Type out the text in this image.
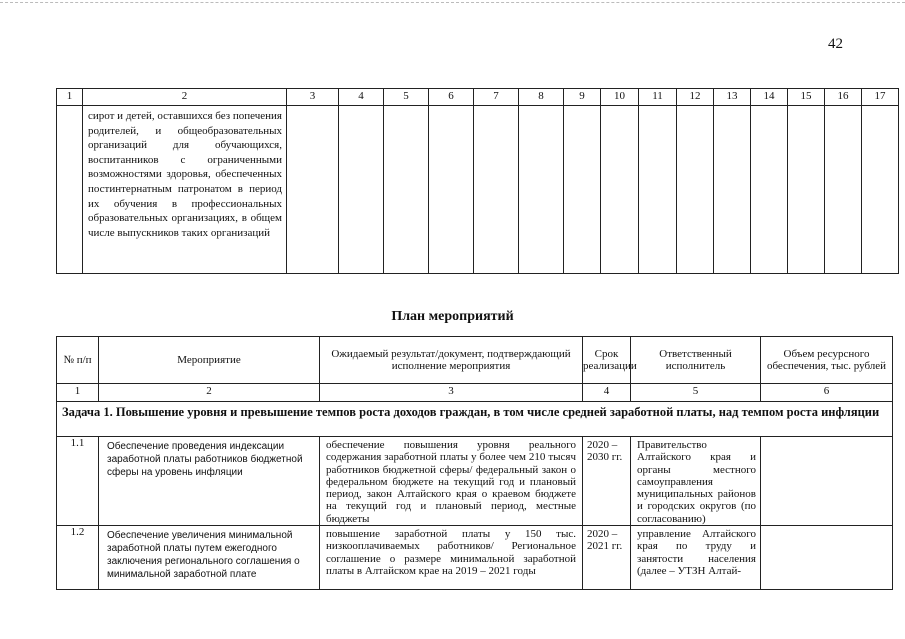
42
1	2	3	4	5	6	7	8	9	10	11	12	13	14	15	16	17
	сирот и детей, оставшихся без попечения родителей, и общеобразовательных организаций для обучающихся, воспитанников с ограниченными возможностями здоровья, обеспеченных постинтернатным патронатом в период их обучения в профессиональных образовательных организациях, в общем числе выпускников таких организаций															
План мероприятий
№ п/п	Мероприятие	Ожидаемый результат/документ, подтверждающий исполнение мероприятия	Срок реализации	Ответственный исполнитель	Объем ресурсного обеспечения, тыс. рублей
1	2	3	4	5	6
Задача 1. Повышение уровня и превышение темпов роста доходов граждан, в том числе средней заработной платы, над темпом роста инфляции					
1.1	Обеспечение проведения индексации заработной платы работников бюджетной сферы на уровень инфляции	обеспечение повышения уровня реального содержания заработной платы у более чем 210 тысяч работников бюджетной сферы/ федеральный закон о федеральном бюджете на текущий год и плановый период, закон Алтайского края о краевом бюджете на текущий год и плановый период, местные бюджеты	2020 – 2030 гг.	Правительство Алтайского края и органы местного самоуправления муниципальных районов и городских округов (по согласованию)	
1.2	Обеспечение увеличения минимальной заработной платы путем ежегодного заключения регионального соглашения о минимальной заработной плате	повышение заработной платы у 150 тыс. низкооплачиваемых работников/ Региональное соглашение о размере минимальной заработной платы в Алтайском крае на 2019 – 2021 годы	2020 – 2021 гг.	управление Алтайского края по труду и занятости населения (далее – УТЗН Алтай-	
